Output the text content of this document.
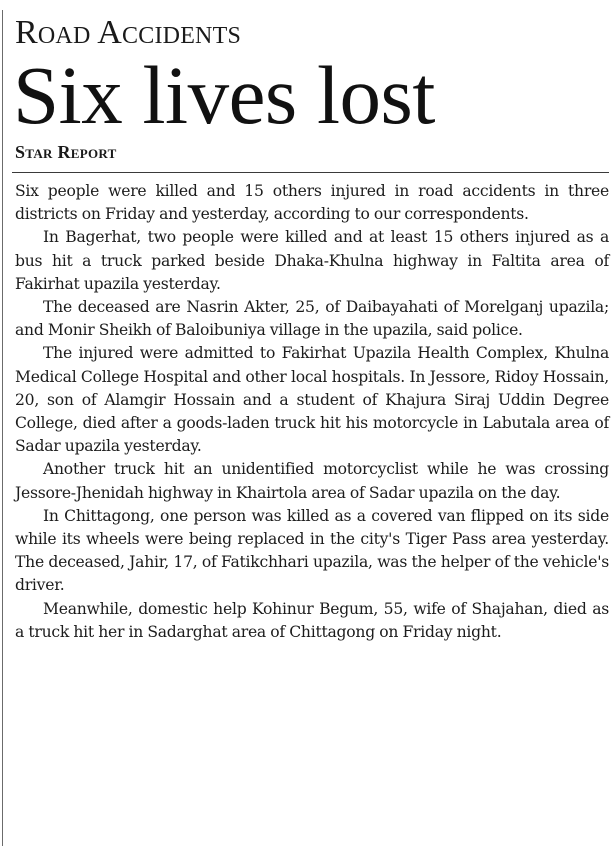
Road Accidents
Six lives lost
Star Report

Six people were killed and 15 others injured in road accidents in three districts on Friday and yesterday, according to our correspondents.

In Bagerhat, two people were killed and at least 15 others injured as a bus hit a truck parked beside Dhaka-Khulna highway in Faltita area of Fakirhat upazila yesterday.

The deceased are Nasrin Akter, 25, of Daibayahati of Morelganj upazila; and Monir Sheikh of Baloibuniya village in the upazila, said police.

The injured were admitted to Fakirhat Upazila Health Complex, Khulna Medical College Hospital and other local hospitals. In Jessore, Ridoy Hossain, 20, son of Alamgir Hossain and a student of Khajura Siraj Uddin Degree College, died after a goods-laden truck hit his motorcycle in Labutala area of Sadar upazila yesterday.

Another truck hit an unidentified motorcyclist while he was crossing Jessore-Jhenidah highway in Khairtola area of Sadar upazila on the day.

In Chittagong, one person was killed as a covered van flipped on its side while its wheels were being replaced in the city's Tiger Pass area yesterday. The deceased, Jahir, 17, of Fatikchhari upazila, was the helper of the vehicle's driver.

Meanwhile, domestic help Kohinur Begum, 55, wife of Shajahan, died as a truck hit her in Sadarghat area of Chittagong on Friday night.
